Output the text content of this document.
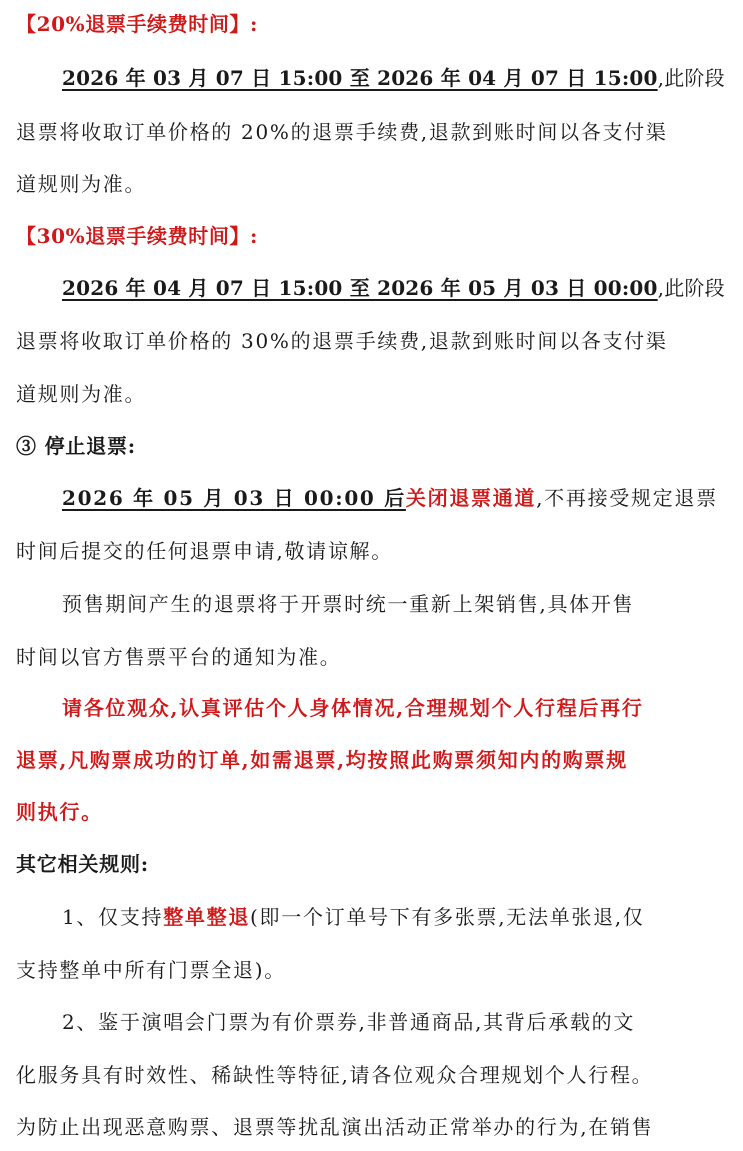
【20%退票手续费时间】:
2026 年 03 月 07 日 15:00 至 2026 年 04 月 07 日 15:00,此阶段
退票将收取订单价格的 20%的退票手续费,退款到账时间以各支付渠
道规则为准。
【30%退票手续费时间】:
2026 年 04 月 07 日 15:00 至 2026 年 05 月 03 日 00:00,此阶段
退票将收取订单价格的 30%的退票手续费,退款到账时间以各支付渠
道规则为准。
③ 停止退票:
2026 年 05 月 03 日 00:00 后关闭退票通道,不再接受规定退票
时间后提交的任何退票申请,敬请谅解。
预售期间产生的退票将于开票时统一重新上架销售,具体开售
时间以官方售票平台的通知为准。
请各位观众,认真评估个人身体情况,合理规划个人行程后再行
退票,凡购票成功的订单,如需退票,均按照此购票须知内的购票规
则执行。
其它相关规则:
1、仅支持整单整退(即一个订单号下有多张票,无法单张退,仅
支持整单中所有门票全退)。
2、鉴于演唱会门票为有价票券,非普通商品,其背后承载的文
化服务具有时效性、稀缺性等特征,请各位观众合理规划个人行程。
为防止出现恶意购票、退票等扰乱演出活动正常举办的行为,在销售
